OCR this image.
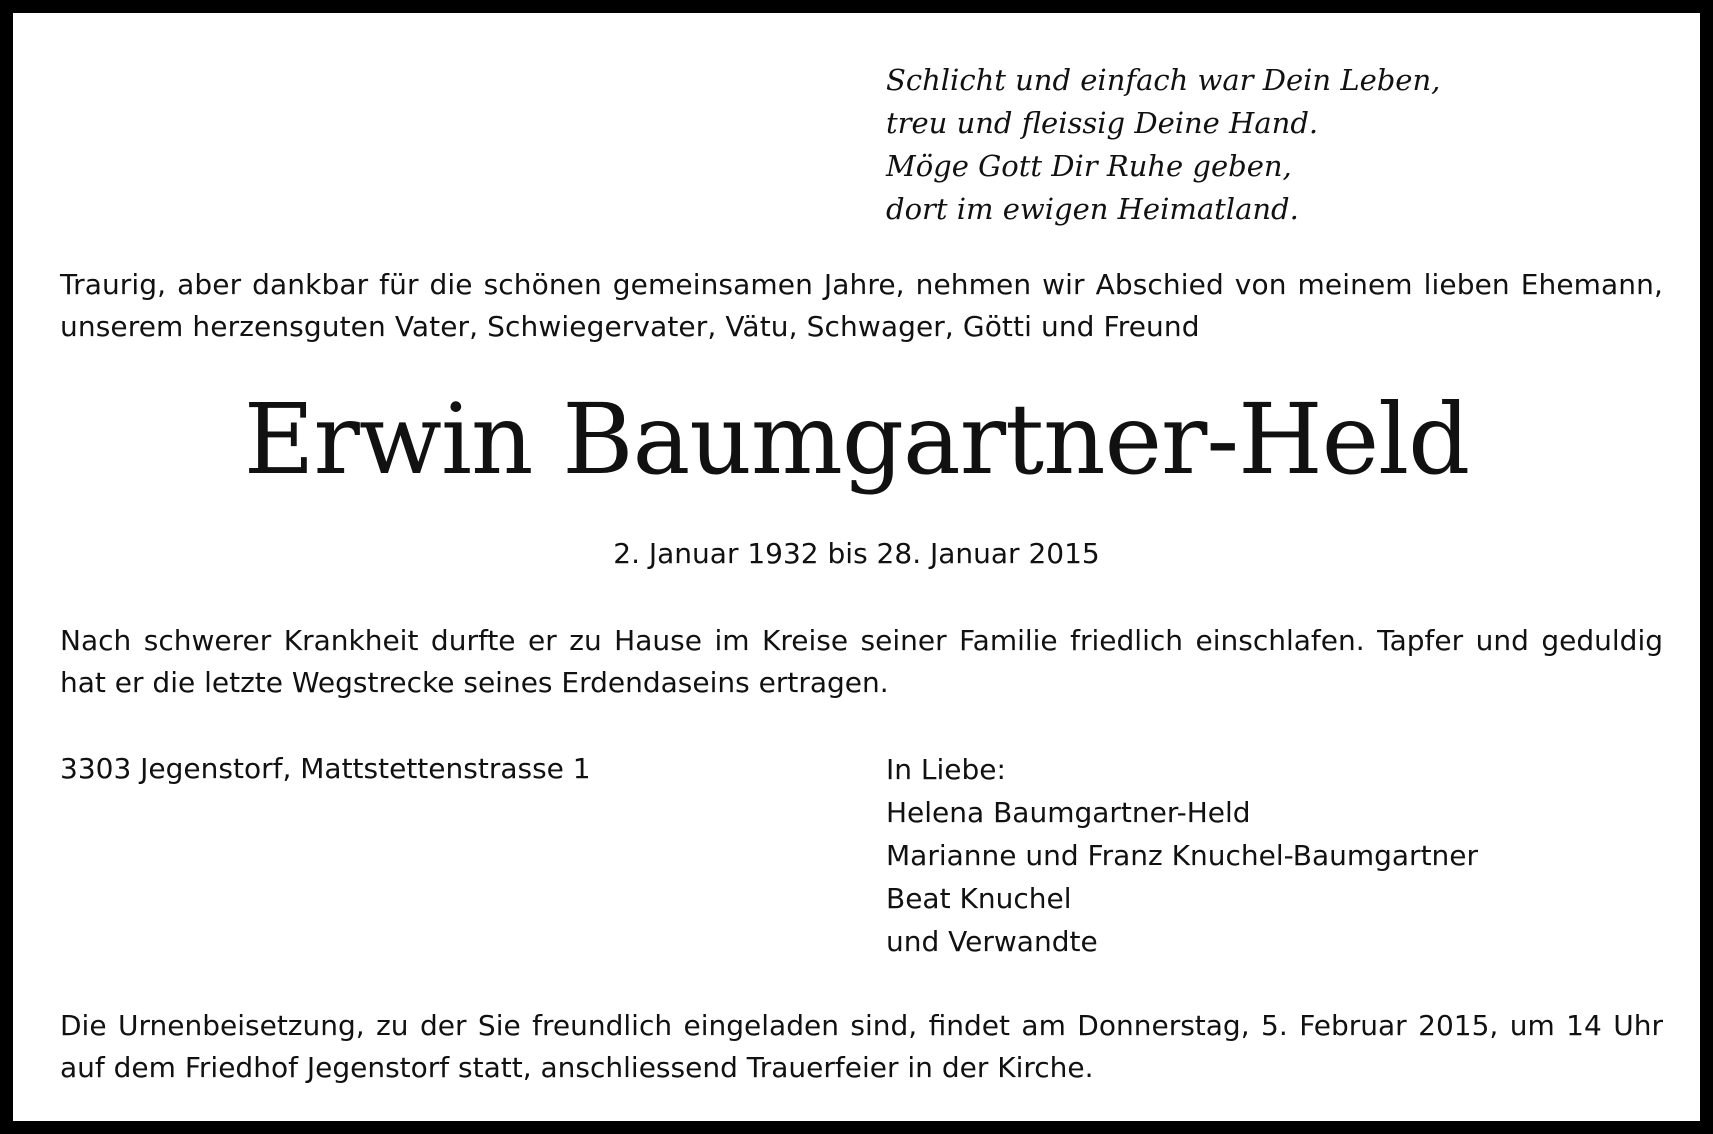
Schlicht und einfach war Dein Leben,
treu und fleissig Deine Hand.
Möge Gott Dir Ruhe geben,
dort im ewigen Heimatland.
Traurig, aber dankbar für die schönen gemeinsamen Jahre, nehmen wir Abschied von meinem lieben Ehemann, unserem herzensguten Vater, Schwiegervater, Vätu, Schwager, Götti und Freund
Erwin Baumgartner-Held
2. Januar 1932 bis 28. Januar 2015
Nach schwerer Krankheit durfte er zu Hause im Kreise seiner Familie friedlich einschlafen. Tapfer und geduldig hat er die letzte Wegstrecke seines Erdendaseins ertragen.
3303 Jegenstorf, Mattstettenstrasse 1	In Liebe:
Helena Baumgartner-Held
Marianne und Franz Knuchel-Baumgartner
Beat Knuchel
und Verwandte
Die Urnenbeisetzung, zu der Sie freundlich eingeladen sind, findet am Donnerstag, 5. Februar 2015, um 14 Uhr auf dem Friedhof Jegenstorf statt, anschliessend Trauerfeier in der Kirche.
